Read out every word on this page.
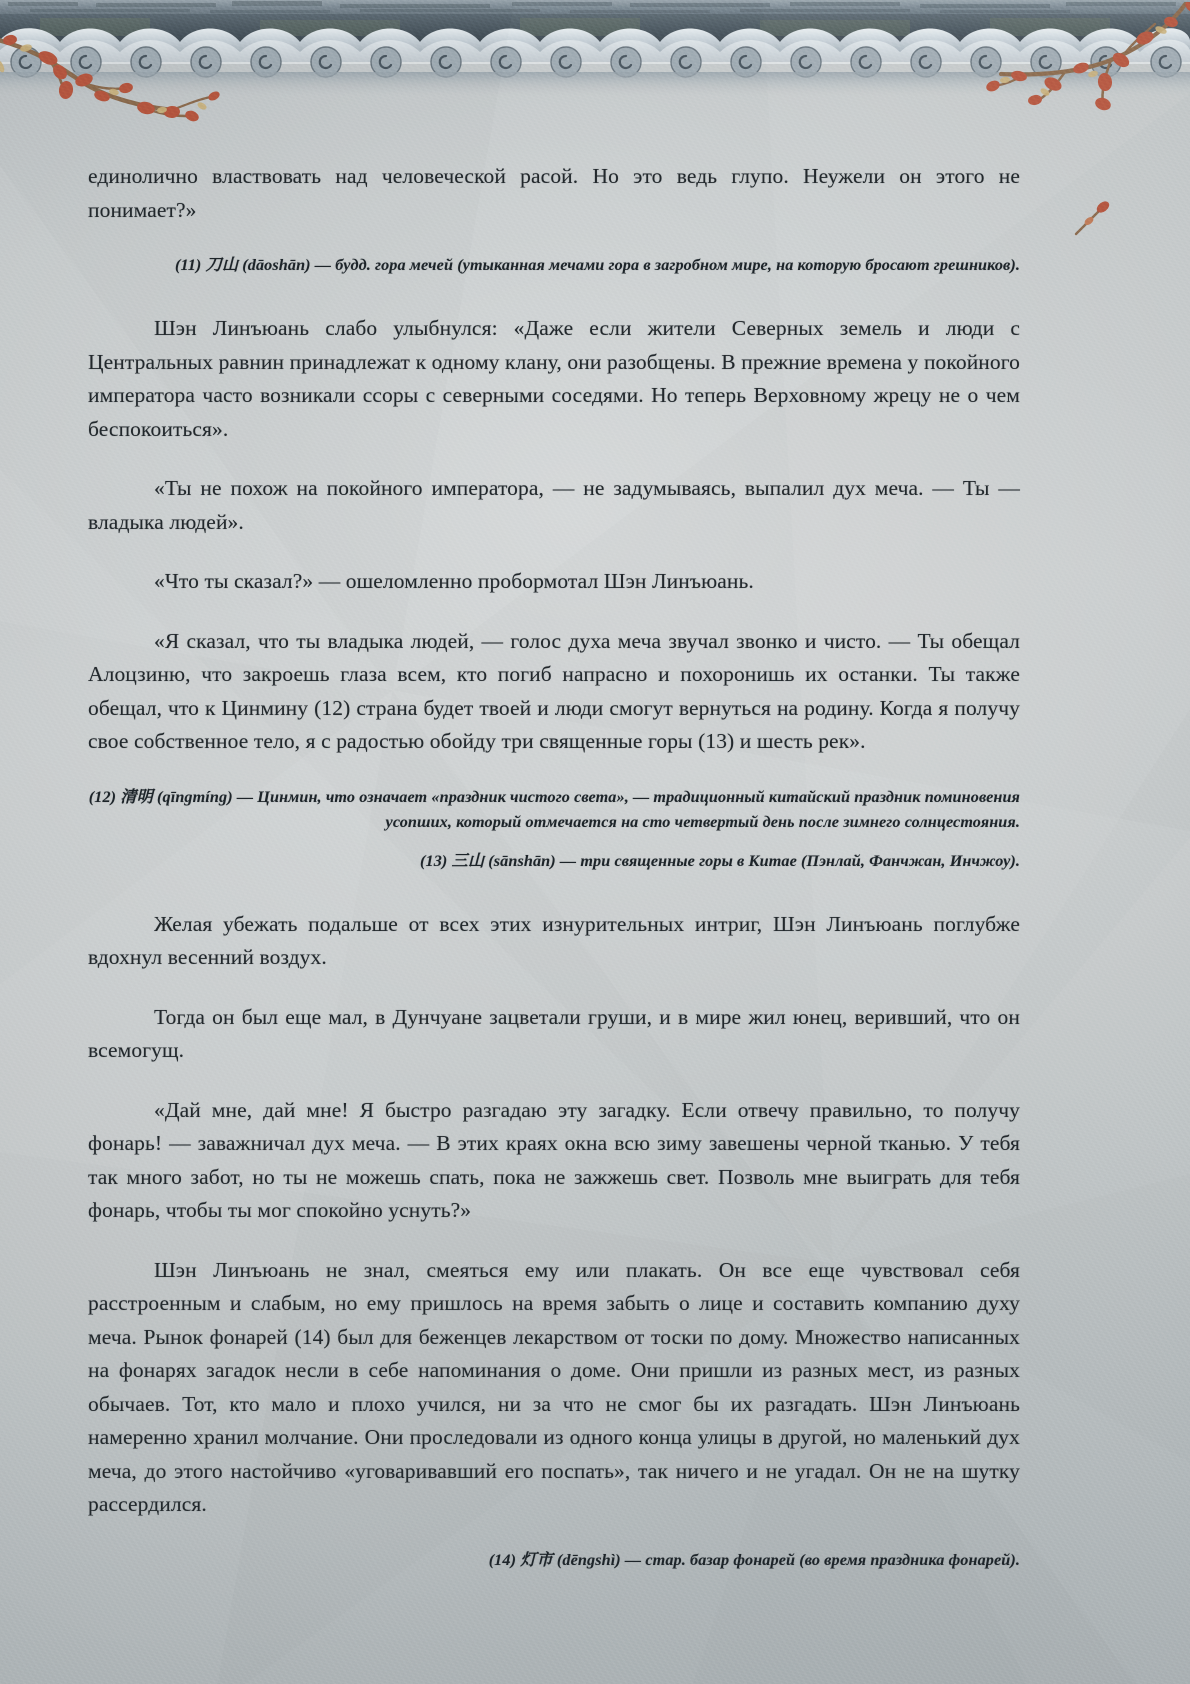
единолично властвовать над человеческой расой. Но это ведь глупо. Неужели он этого не понимает?»

(11) 刀山 (dāoshān) — будд. гора мечей (утыканная мечами гора в загробном мире, на которую бросают грешников).

Шэн Линъюань слабо улыбнулся: «Даже если жители Северных земель и люди с Центральных равнин принадлежат к одному клану, они разобщены. В прежние времена у покойного императора часто возникали ссоры с северными соседями. Но теперь Верховному жрецу не о чем беспокоиться».

«Ты не похож на покойного императора, — не задумываясь, выпалил дух меча. — Ты — владыка людей».

«Что ты сказал?» — ошеломленно пробормотал Шэн Линъюань.

«Я сказал, что ты владыка людей, — голос духа меча звучал звонко и чисто. — Ты обещал Алоцзиню, что закроешь глаза всем, кто погиб напрасно и похоронишь их останки. Ты также обещал, что к Цинмину (12) страна будет твоей и люди смогут вернуться на родину. Когда я получу свое собственное тело, я с радостью обойду три священные горы (13) и шесть рек».

(12) 清明 (qīngmíng) — Цинмин, что означает «праздник чистого света», — традиционный китайский праздник поминовения усопших, который отмечается на сто четвертый день после зимнего солнцестояния.

(13) 三山 (sānshān) — три священные горы в Китае (Пэнлай, Фанчжан, Инчжоу).

Желая убежать подальше от всех этих изнурительных интриг, Шэн Линъюань поглубже вдохнул весенний воздух.

Тогда он был еще мал, в Дунчуане зацветали груши, и в мире жил юнец, веривший, что он всемогущ.

«Дай мне, дай мне! Я быстро разгадаю эту загадку. Если отвечу правильно, то получу фонарь! — заважничал дух меча. — В этих краях окна всю зиму завешены черной тканью. У тебя так много забот, но ты не можешь спать, пока не зажжешь свет. Позволь мне выиграть для тебя фонарь, чтобы ты мог спокойно уснуть?»

Шэн Линъюань не знал, смеяться ему или плакать. Он все еще чувствовал себя расстроенным и слабым, но ему пришлось на время забыть о лице и составить компанию духу меча. Рынок фонарей (14) был для беженцев лекарством от тоски по дому. Множество написанных на фонарях загадок несли в себе напоминания о доме. Они пришли из разных мест, из разных обычаев. Тот, кто мало и плохо учился, ни за что не смог бы их разгадать. Шэн Линъюань намеренно хранил молчание. Они проследовали из одного конца улицы в другой, но маленький дух меча, до этого настойчиво «уговаривавший его поспать», так ничего и не угадал. Он не на шутку рассердился.

(14) 灯市 (dēngshì) — стар. базар фонарей (во время праздника фонарей).
